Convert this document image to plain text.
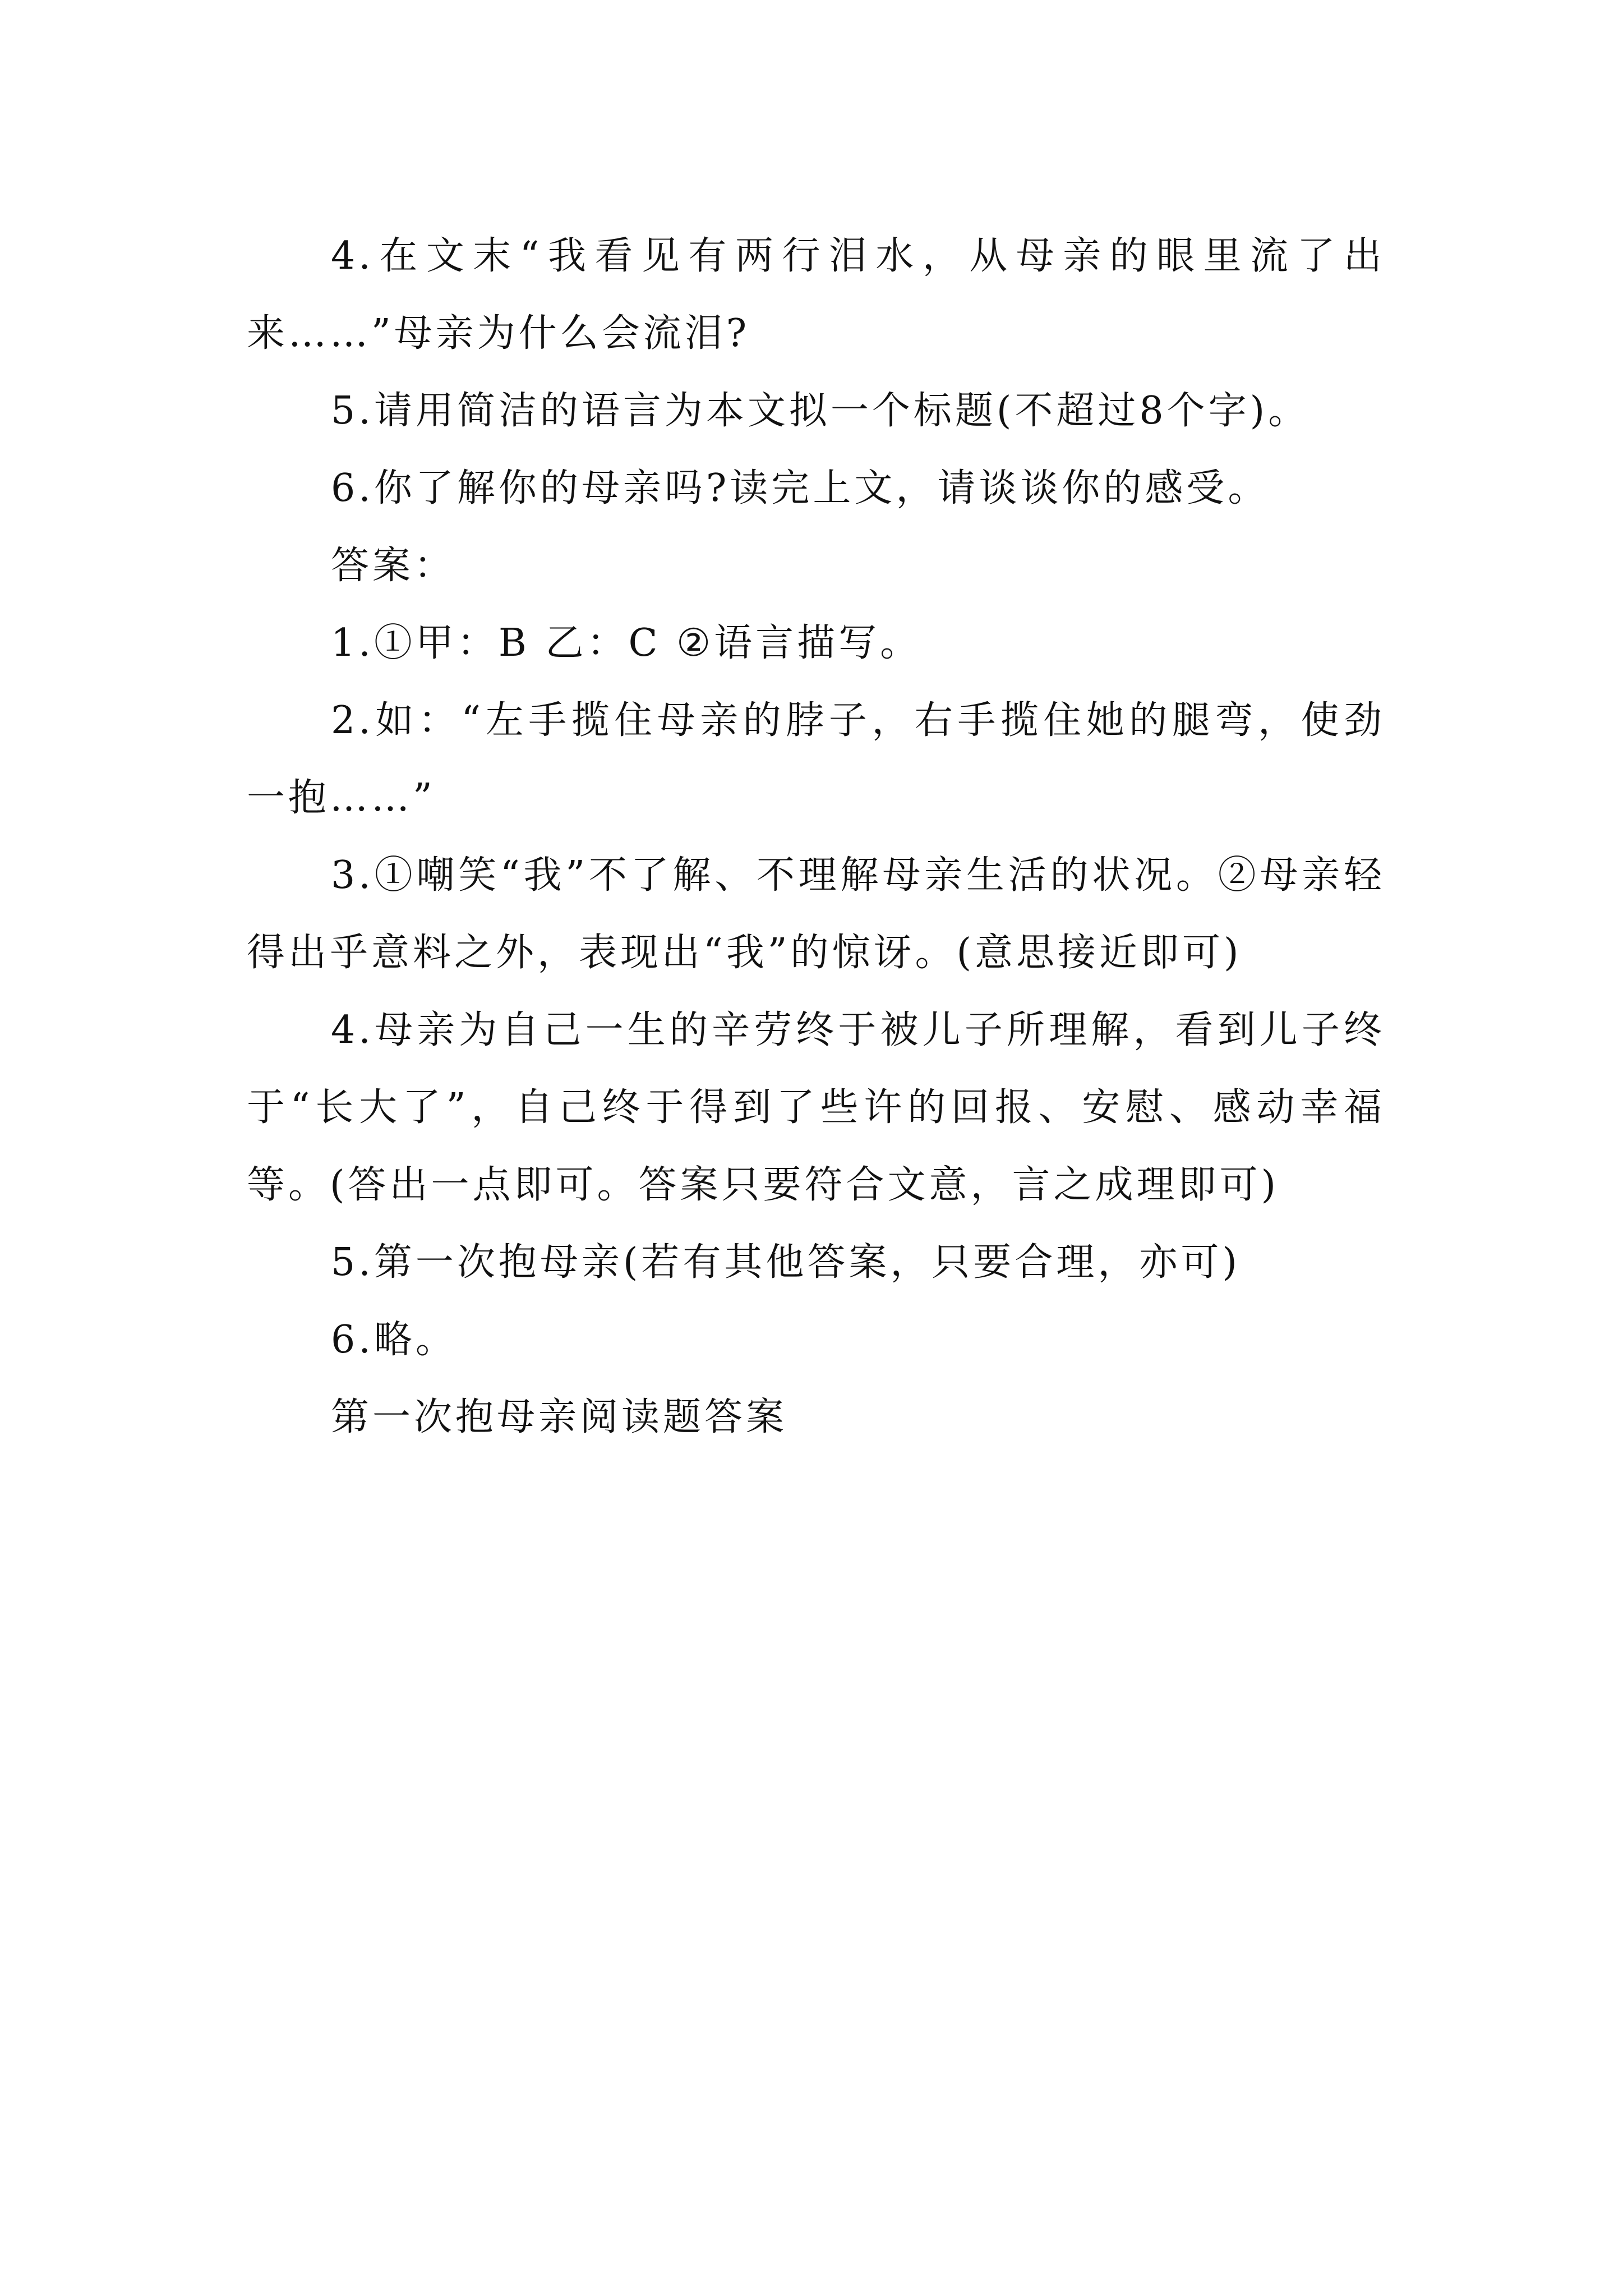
4.在文末“我看见有两行泪水，从母亲的眼里流了出来……”母亲为什么会流泪?

5.请用简洁的语言为本文拟一个标题(不超过8个字)。

6.你了解你的母亲吗?读完上文，请谈谈你的感受。

答案：

1.①甲：B 乙：C ②语言描写。

2.如：“左手揽住母亲的脖子，右手揽住她的腿弯，使劲一抱……”

3.①嘲笑“我”不了解、不理解母亲生活的状况。②母亲轻得出乎意料之外，表现出“我”的惊讶。(意思接近即可)

4.母亲为自己一生的辛劳终于被儿子所理解，看到儿子终于“长大了”，自己终于得到了些许的回报、安慰、感动幸福等。(答出一点即可。答案只要符合文意，言之成理即可)

5.第一次抱母亲(若有其他答案，只要合理，亦可)

6.略。

第一次抱母亲阅读题答案
